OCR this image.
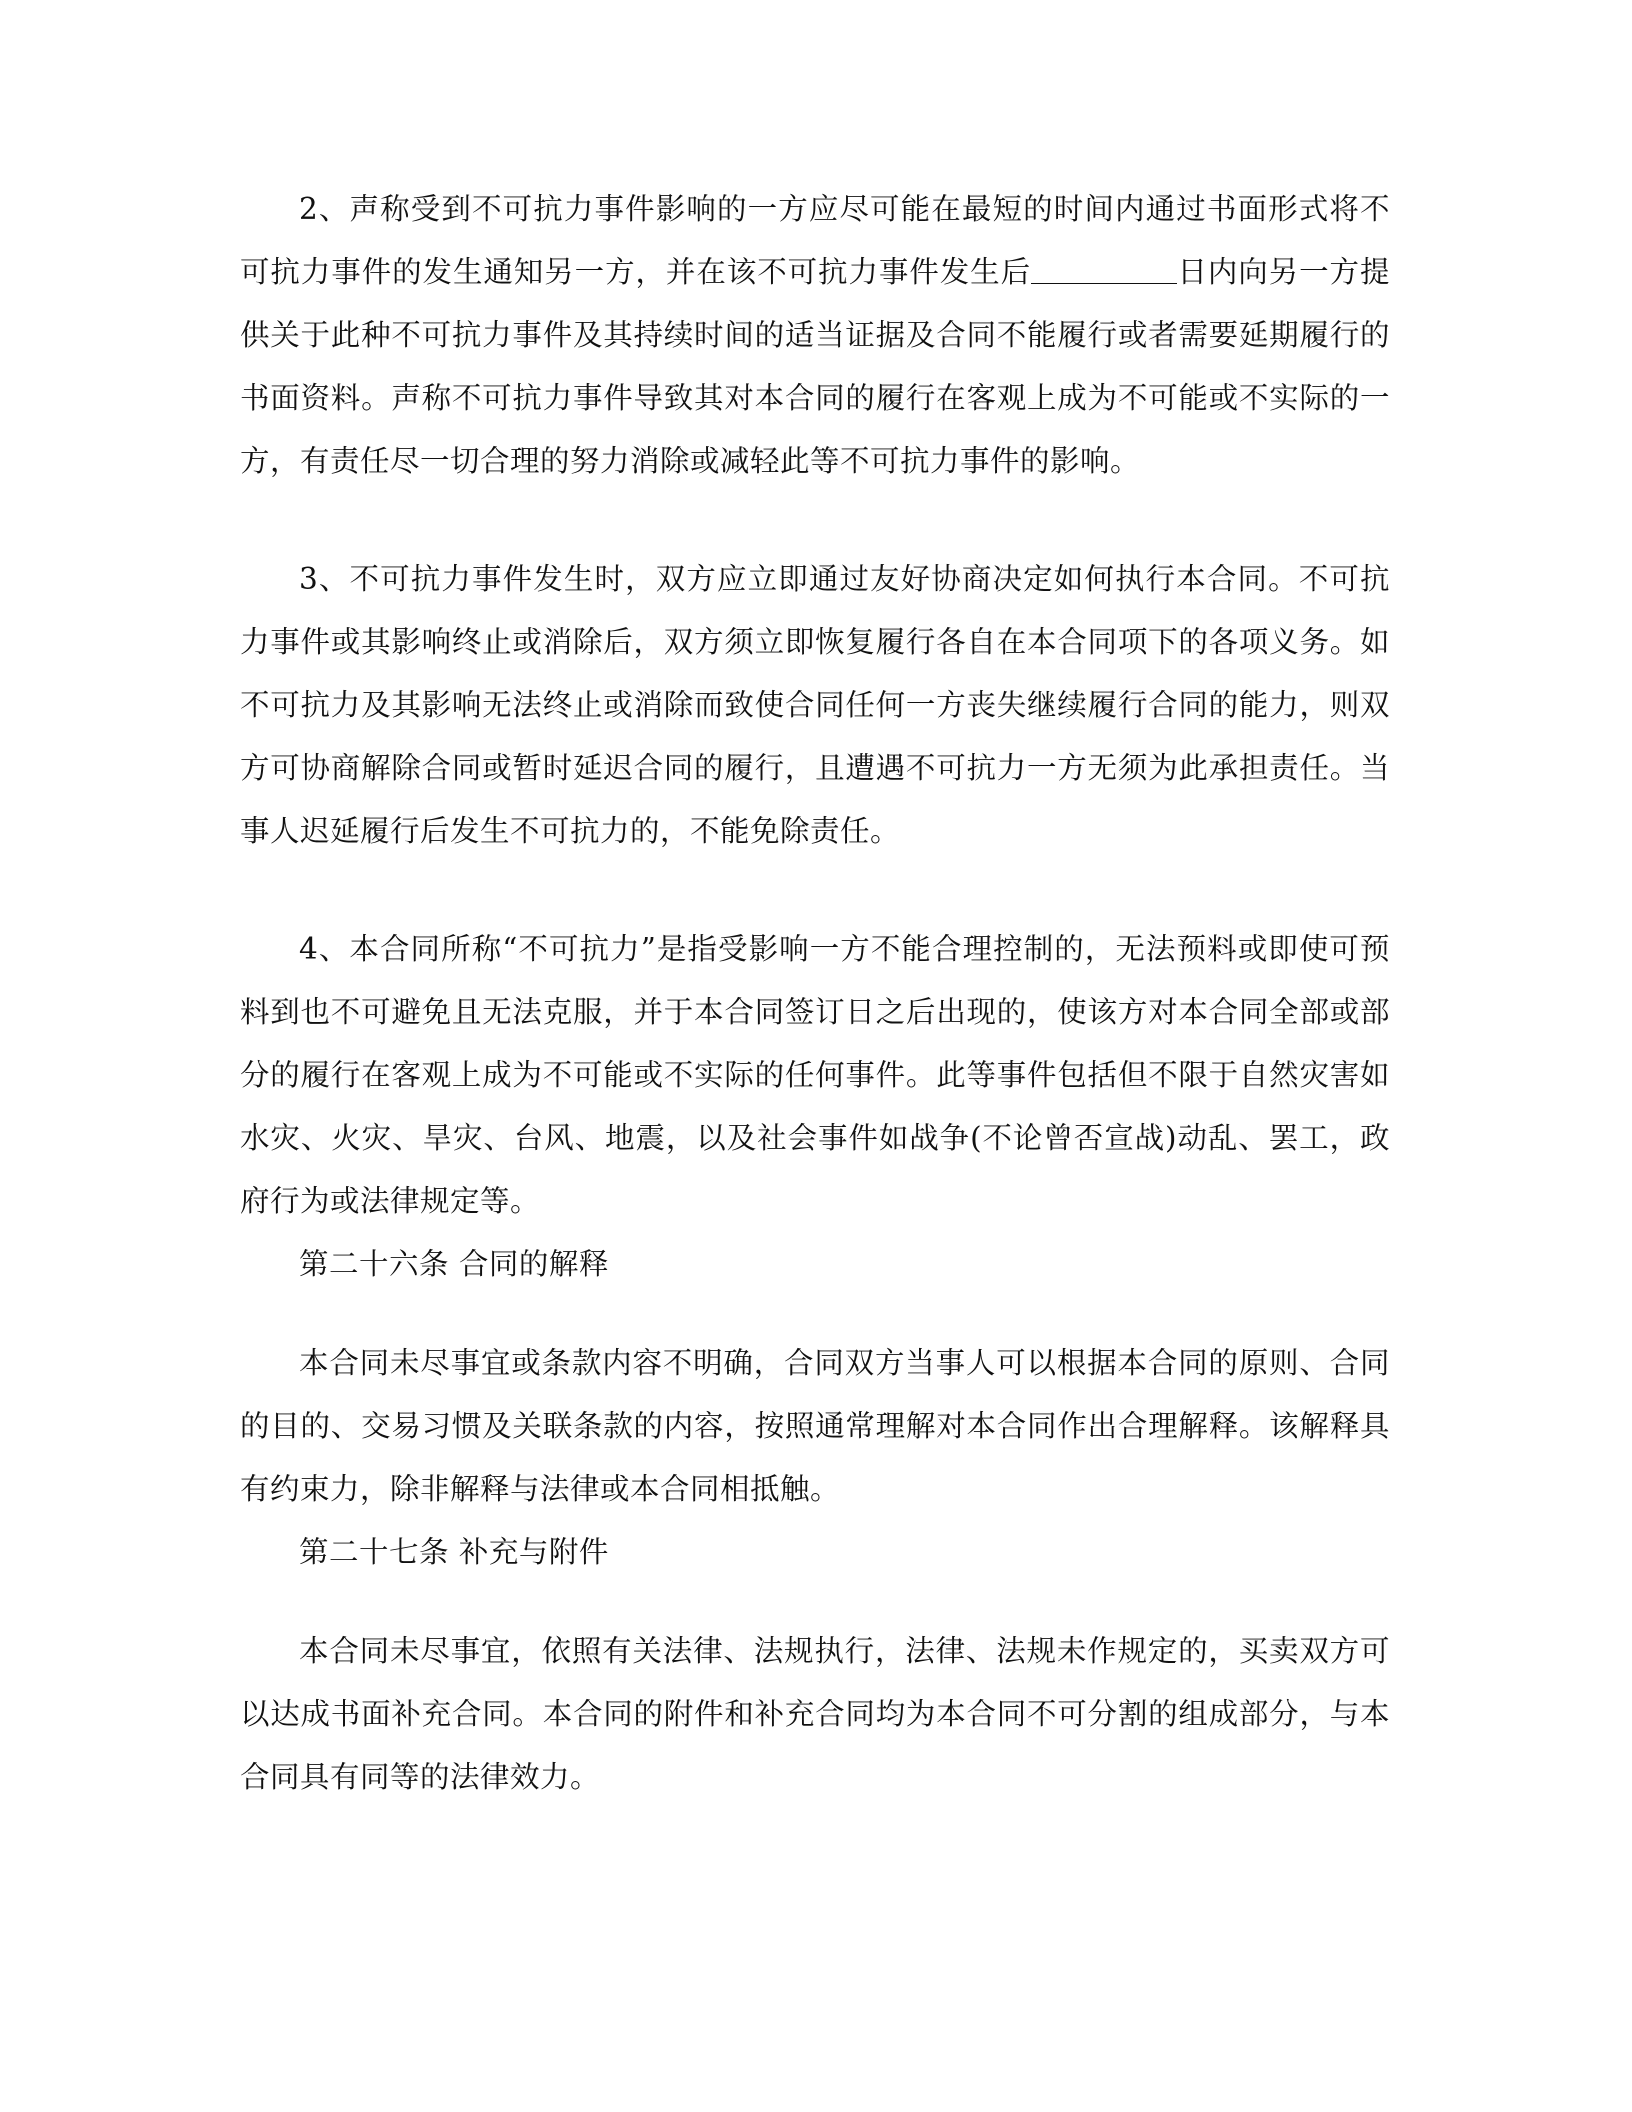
2、声称受到不可抗力事件影响的一方应尽可能在最短的时间内通过书面形式将不可抗力事件的发生通知另一方，并在该不可抗力事件发生后	日内向另一方提供关于此种不可抗力事件及其持续时间的适当证据及合同不能履行或者需要延期履行的书面资料。声称不可抗力事件导致其对本合同的履行在客观上成为不可能或不实际的一方，有责任尽一切合理的努力消除或减轻此等不可抗力事件的影响。

3、不可抗力事件发生时，双方应立即通过友好协商决定如何执行本合同。不可抗力事件或其影响终止或消除后，双方须立即恢复履行各自在本合同项下的各项义务。如不可抗力及其影响无法终止或消除而致使合同任何一方丧失继续履行合同的能力，则双方可协商解除合同或暂时延迟合同的履行，且遭遇不可抗力一方无须为此承担责任。当事人迟延履行后发生不可抗力的，不能免除责任。

4、本合同所称“不可抗力”是指受影响一方不能合理控制的，无法预料或即使可预料到也不可避免且无法克服，并于本合同签订日之后出现的，使该方对本合同全部或部分的履行在客观上成为不可能或不实际的任何事件。此等事件包括但不限于自然灾害如水灾、火灾、旱灾、台风、地震，以及社会事件如战争(不论曾否宣战)动乱、罢工，政府行为或法律规定等。

第二十六条 合同的解释

本合同未尽事宜或条款内容不明确，合同双方当事人可以根据本合同的原则、合同的目的、交易习惯及关联条款的内容，按照通常理解对本合同作出合理解释。该解释具有约束力，除非解释与法律或本合同相抵触。

第二十七条 补充与附件

本合同未尽事宜，依照有关法律、法规执行，法律、法规未作规定的，买卖双方可以达成书面补充合同。本合同的附件和补充合同均为本合同不可分割的组成部分，与本合同具有同等的法律效力。
